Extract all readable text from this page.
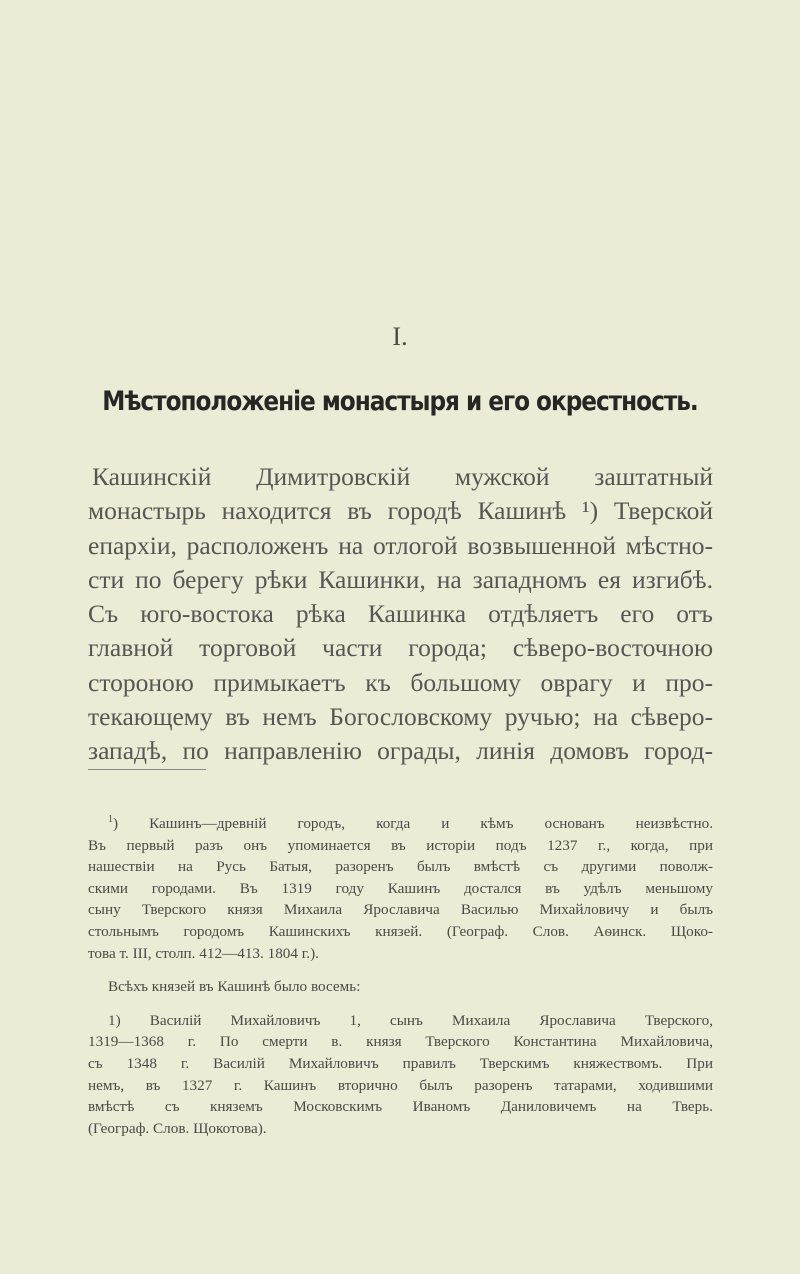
I.
Мѣстоположеніе монастыря и его окрестность.
Кашинскій Димитровскій мужской заштатный
монастырь находится въ городѣ Кашинѣ ¹) Тверской
епархіи, расположенъ на отлогой возвышенной мѣстно-
сти по берегу рѣки Кашинки, на западномъ ея изгибѣ.
Съ юго-востока рѣка Кашинка отдѣляетъ его отъ
главной торговой части города; сѣверо-восточною
стороною примыкаетъ къ большому оврагу и про-
текающему въ немъ Богословскому ручью; на сѣверо-
западѣ, по направленію ограды, линія домовъ город-
$^1$) Кашинъ—древній городъ, когда и кѣмъ основанъ неизвѣстно.
Въ первый разъ онъ упоминается въ исторіи подъ 1237 г., когда, при
нашествіи на Русь Батыя, разоренъ былъ вмѣстѣ съ другими поволж-
скими городами. Въ 1319 году Кашинъ достался въ удѣлъ меньшому
сыну Тверского князя Михаила Ярославича Василью Михайловичу и былъ
стольнымъ городомъ Кашинскихъ князей. (Географ. Слов. Аѳинск. Щоко-
това т. III, столп. 412—413. 1804 г.).
Всѣхъ князей въ Кашинѣ было восемь:
1) Василій Михайловичъ 1, сынъ Михаила Ярославича Тверского,
1319—1368 г. По смерти в. князя Тверского Константина Михайловича,
съ 1348 г. Василій Михайловичъ правилъ Тверскимъ княжествомъ. При
немъ, въ 1327 г. Кашинъ вторично былъ разоренъ татарами, ходившими
вмѣстѣ съ княземъ Московскимъ Иваномъ Даниловичемъ на Тверь.
(Географ. Слов. Щокотова).
